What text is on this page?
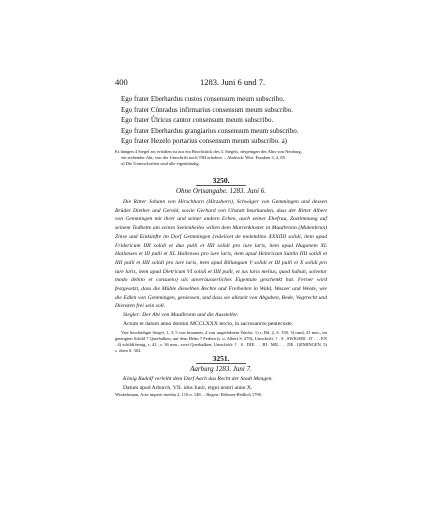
400	1283. Juni 6 und 7.
Ego frater Eberhardus custos consensum meum subscribo.
Ego frater Cůnradus infirmarius consensum meum subscribo.
Ego frater Ůlricus cantor consensum meum subscribo.
Ego frater Eberhardus grangiarius consensum meum subscribo.
Ego frater Hezelo portarius consensum meum subscribo. a)
Es hängen 4 Siegel an; erhalten ist nur ein Bruchstück des 3. Siegels, desjenigen des Abts von Neuburg,
ein stehender Abt, von der Umschrift noch THI erhalten. – Abdruck: Wirt. Franken 3, 2, 85.
a) Die Unterschriften sind alle eigenhändig.
3250.
Ohne Ortsangabe. 1283. Juni 6.
Die Ritter Johann von Hirschhorn (Hirzshorn), Schwäger von Gemmingen und dessen Brüder Diether und Gerold, sowie Gerhard von Ubstatt beurkunden, dass der Ritter Albert von Gemmingen mit ihrer und seiner andern Erben, auch seiner Ehefrau, Zustimmung auf seinem Todbette um seines Seelenheiles willen dem Marienkloster in Maulbronn (Mulenbrun) Zinse und Einkünfte im Dorf Gemmingen (videlicet de molendino XXXIIII solidi, item apud Fridericum IIII solidi et duo pulli et IIII solidi pro iure laris, item apud Hugonem XL Hallenses et III pulli et XL Hallenses pro iure laris, item apud Heinricum Sunlin IIII solidi et IIII pulli et IIII solidi pro iure laris, item apud Billungum V solidi et III pulli et X solidi pro iure laris, item apud Dietricum VI solidi et IIII pulli, et ius laris melius, quod habuit, solvetur modo debito et consueto) als unveräusserliches Eigentum geschenkt hat. Ferner wird festgesetzt, dass die Mühle dieselben Rechte und Freiheiten in Wald, Wasser und Weide, wie die Edlen von Gemmingen, geniessen, und dass sie allezeit von Abgaben, Bede, Vogtrecht und Diensten frei sein soll.
Siegler: Der Abt von Maulbronn und die Aussteller.
Actum et datum anno domini MCCLXXX tercio, in sacrosancto pentecoste.
Vier beschädigte Siegel, 1, 3, 5 von braunem, 4 von ungefärbtem Wachs: 1) s. Bd. 2, S. 150. 3) rund, 41 mm., im geneigten Schild 7 Querbalken, auf dem Helm 7 Federn (s. u. Albert S. 270); Umschrift: † . S . SWIGERI . D' . . . EN . 4) schildförmig, s. 42 ; s. 36 mm., zwei Querbalken; Umschrift: † . S . DIE . . . RI . MIL . . . DE . GEMINGEN. 5) s. oben S. 302.
3251.
Aarburg 1283. Juni 7.
König Rudolf verleiht dem Dorf Aach das Recht der Stadt Mengen.
Datum apud Arburch, VII. idus Iunii, regni nostri anno X.
Winkelmann, Acta imperii inedita 2, 116 n. 148. – Regest: Böhmer-Redlich 1790.
